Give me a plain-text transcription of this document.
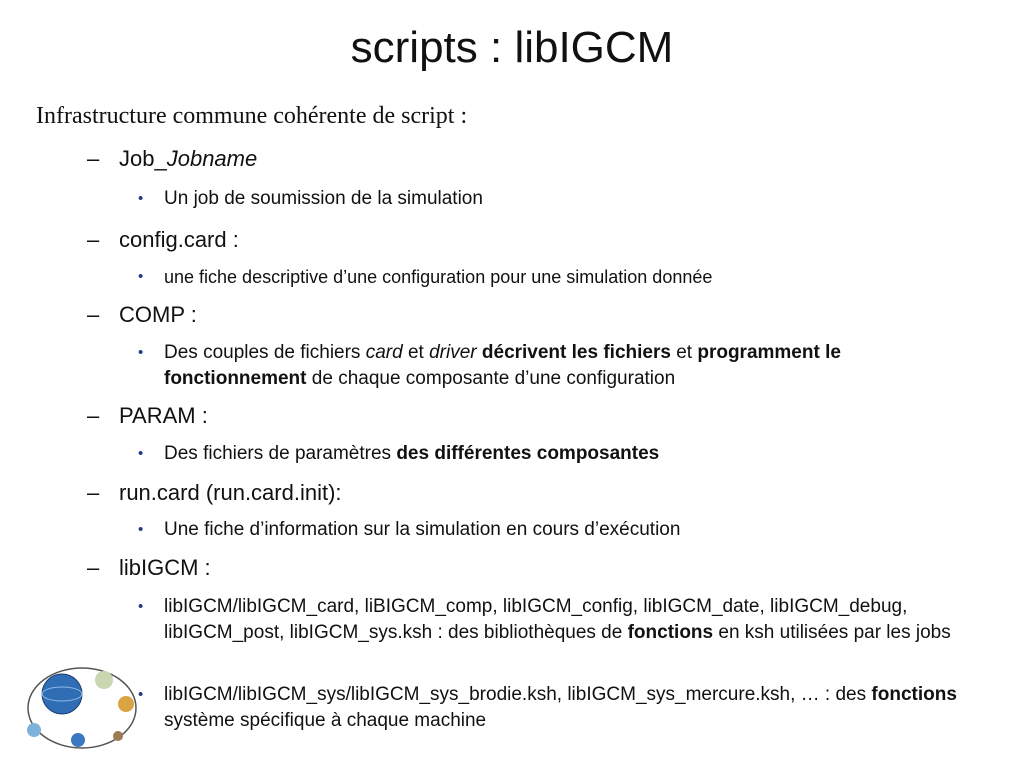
scripts : libIGCM
Infrastructure commune cohérente de script :
– Job_Jobname
• Un job de soumission de la simulation
– config.card :
• une fiche descriptive d’une configuration pour une simulation donnée
– COMP :
• Des couples de fichiers card et driver décrivent les fichiers et programment le fonctionnement de chaque composante d’une configuration
– PARAM :
• Des fichiers de paramètres des différentes composantes
– run.card (run.card.init):
• Une fiche d’information sur la simulation en cours d’exécution
– libIGCM :
• libIGCM/libIGCM_card, liBIGCM_comp, libIGCM_config, libIGCM_date, libIGCM_debug, libIGCM_post, libIGCM_sys.ksh : des bibliothèques de fonctions en ksh utilisées par les jobs
• libIGCM/libIGCM_sys/libIGCM_sys_brodie.ksh, libIGCM_sys_mercure.ksh, … : des fonctions système spécifique à chaque machine
